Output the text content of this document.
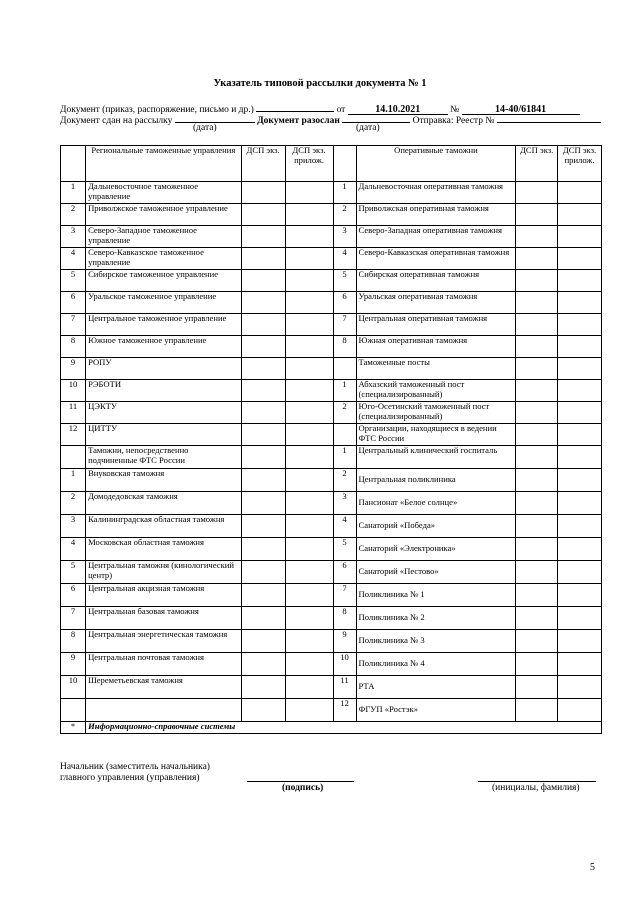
Указатель типовой рассылки документа № 1
Документ (приказ, распоряжение, письмо и др.)	от	14.10.2021	№	14-40/61841
Документ сдан на рассылку	Документ разослан	Отправка: Реестр №
(дата)	(дата)
	Региональные таможенные управления	ДСП экз.	ДСП экз. прилож.		Оперативные таможни	ДСП экз.	ДСП экз. прилож.
1	Дальневосточное таможенное управление			1	Дальневосточная оперативная таможня		
2	Приволжское таможенное управление			2	Приволжская оперативная таможня		
3	Северо-Западное таможенное управление			3	Северо-Западная оперативная таможня		
4	Северо-Кавказское таможенное управление			4	Северо-Кавказская оперативная таможня		
5	Сибирское таможенное управление			5	Сибирская оперативная таможня		
6	Уральское таможенное управление			6	Уральская оперативная таможня		
7	Центральное таможенное управление			7	Центральная оперативная таможня		
8	Южное таможенное управление			8	Южная оперативная таможня		
9	РОПУ				Таможенные посты		
10	РЭБОТИ			1	Абхазский таможенный пост (специализированный)		
11	ЦЭКТУ			2	Юго-Осетинский таможенный пост (специализированный)		
12	ЦИТТУ				Организации, находящиеся в ведении ФТС России		
	Таможни, непосредственно подчиненные ФТС России			1	Центральный клинический госпиталь		
1	Внуковская таможня			2	Центральная поликлиника		
2	Домодедовская таможня			3	Пансионат «Белое солнце»		
3	Калининградская областная таможня			4	Санаторий «Победа»		
4	Московская областная таможня			5	Санаторий «Электроника»		
5	Центральная таможня (кинологический центр)			6	Санаторий «Пестово»		
6	Центральная акцизная таможня			7	Поликлиника № 1		
7	Центральная базовая таможня			8	Поликлиника № 2		
8	Центральная энергетическая таможня			9	Поликлиника № 3		
9	Центральная почтовая таможня			10	Поликлиника № 4		
10	Шереметьевская таможня			11	РТА		
				12	ФГУП «Ростэк»		
*	Информационно-справочные системы						
Начальник (заместитель начальника)
главного управления (управления)
(подпись)	(инициалы, фамилия)
5
